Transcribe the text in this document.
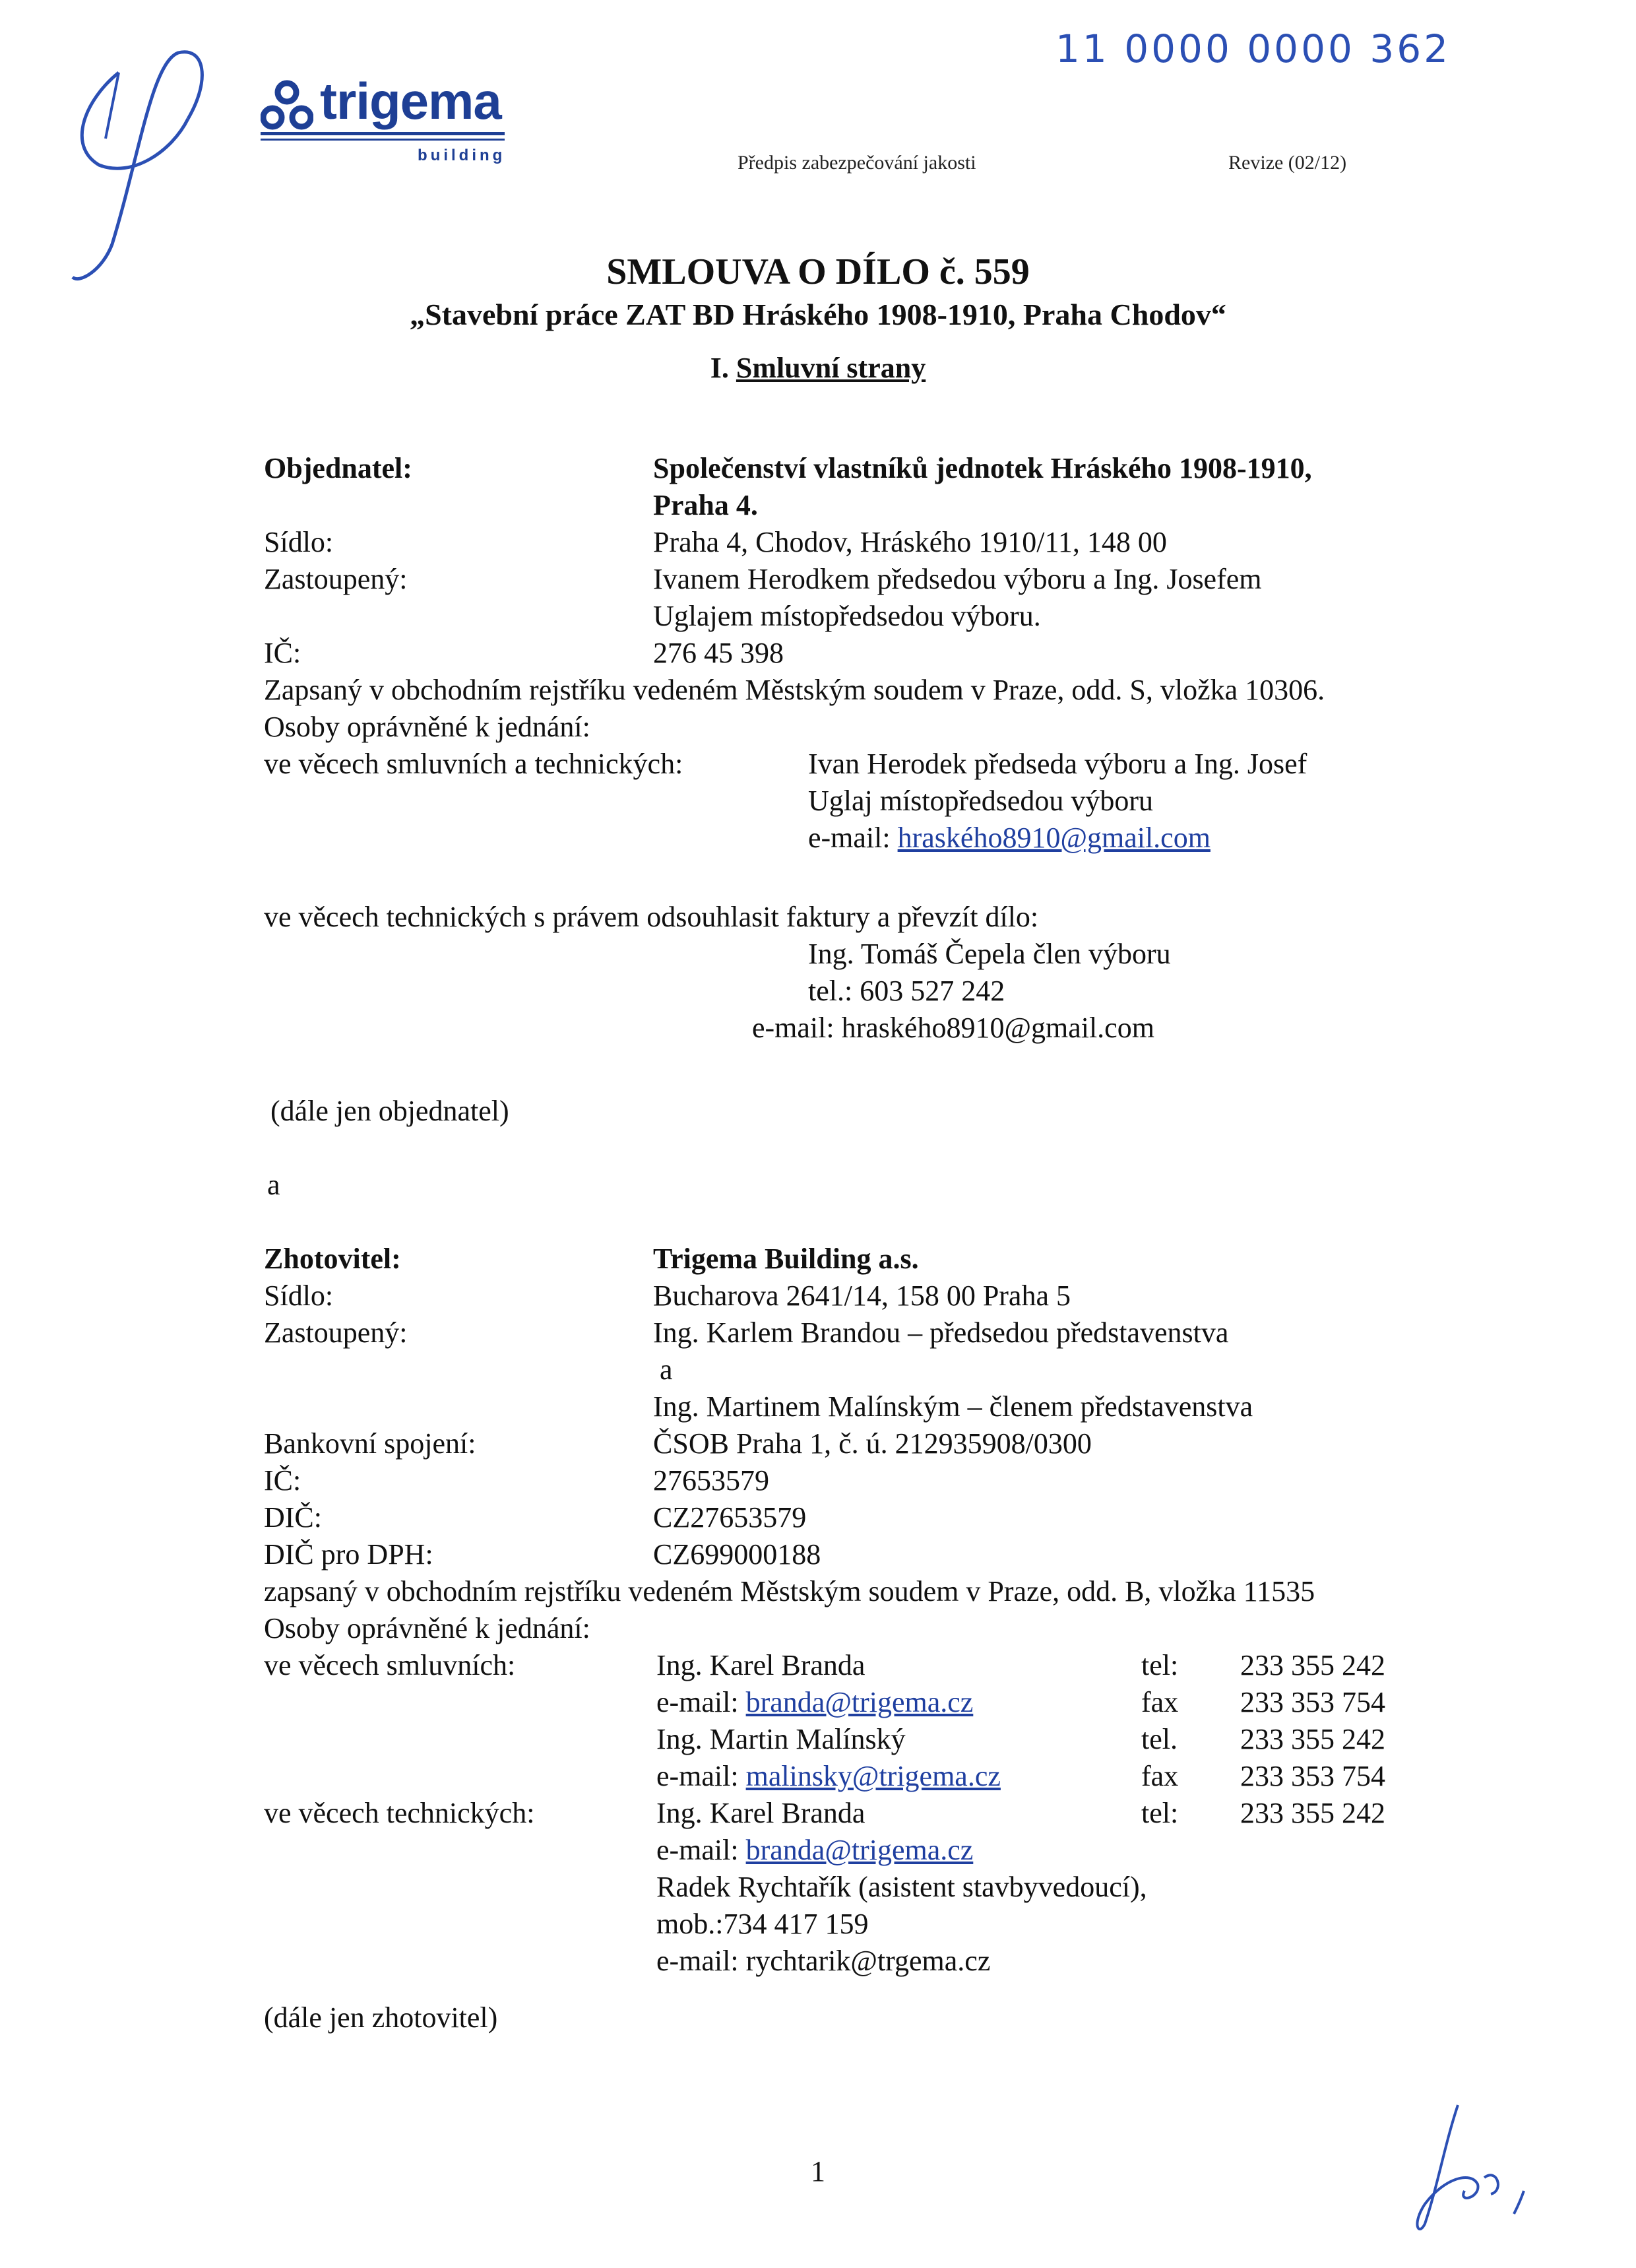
11 0000 0000 362
trigema
building	Předpis zabezpečování jakosti	Revize (02/12)
SMLOUVA O DÍLO č. 559
„Stavební práce ZAT BD Hráského 1908-1910, Praha Chodov“
I. Smluvní strany
Objednatel:	Společenství vlastníků jednotek Hráského 1908-1910,
Praha 4.
Sídlo:	Praha 4, Chodov, Hráského 1910/11, 148 00
Zastoupený:	Ivanem Herodkem předsedou výboru a Ing. Josefem
Uglajem místopředsedou výboru.
IČ:	276 45 398
Zapsaný v obchodním rejstříku vedeném Městským soudem v Praze, odd. S, vložka 10306.
Osoby oprávněné k jednání:
ve věcech smluvních a technických:	Ivan Herodek předseda výboru a Ing. Josef
Uglaj místopředsedou výboru
e-mail: hraského8910@gmail.com
ve věcech technických s právem odsouhlasit faktury a převzít dílo:
Ing. Tomáš Čepela člen výboru
tel.: 603 527 242
e-mail: hraského8910@gmail.com
(dále jen objednatel)
a
Zhotovitel:	Trigema Building a.s.
Sídlo:	Bucharova 2641/14, 158 00 Praha 5
Zastoupený:	Ing. Karlem Brandou – předsedou představenstva
a
Ing. Martinem Malínským – členem představenstva
Bankovní spojení:	ČSOB Praha 1, č. ú. 212935908/0300
IČ:	27653579
DIČ:	CZ27653579
DIČ pro DPH:	CZ699000188
zapsaný v obchodním rejstříku vedeném Městským soudem v Praze, odd. B, vložka 11535
Osoby oprávněné k jednání:
ve věcech smluvních:	Ing. Karel Branda	tel: 233 355 242
e-mail: branda@trigema.cz	fax 233 353 754
Ing. Martin Malínský	tel. 233 355 242
e-mail: malinsky@trigema.cz	fax 233 353 754
ve věcech technických:	Ing. Karel Branda	tel: 233 355 242
e-mail: branda@trigema.cz
Radek Rychtařík (asistent stavbyvedoucí),
mob.:734 417 159
e-mail: rychtarik@trgema.cz
(dále jen zhotovitel)
1
